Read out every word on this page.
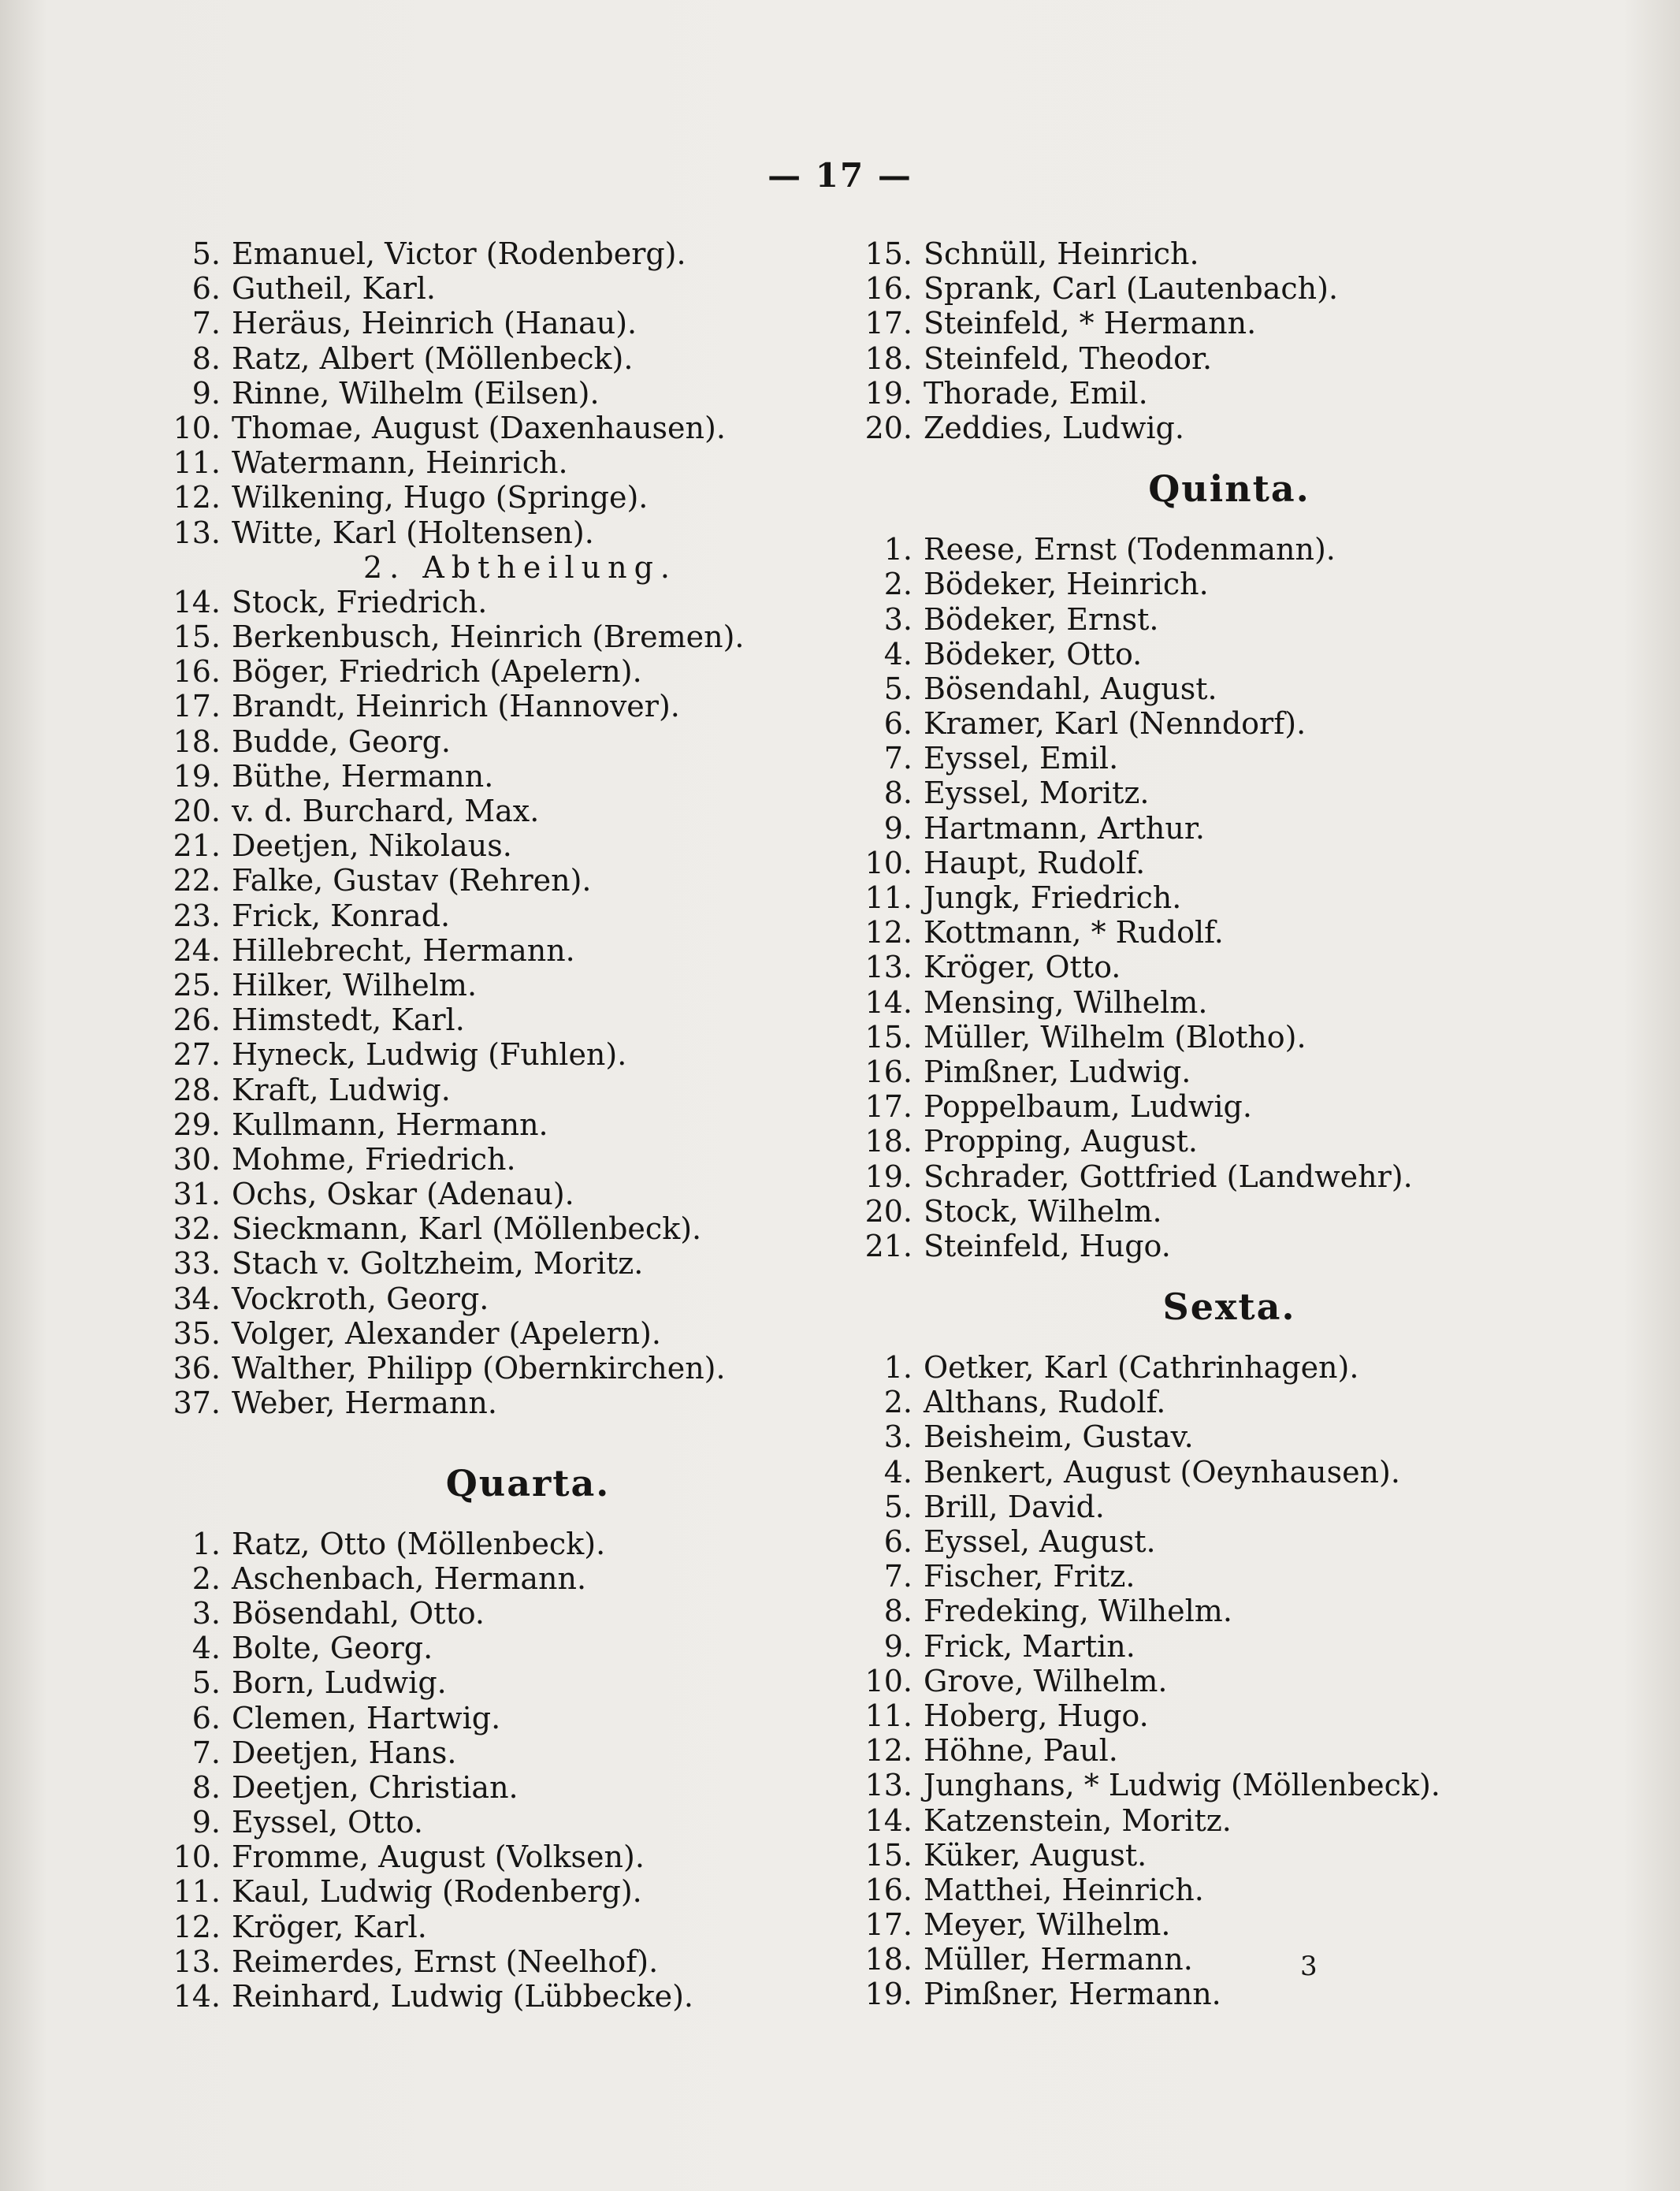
— 17 —
5. Emanuel, Victor (Rodenberg).
6. Gutheil, Karl.
7. Heräus, Heinrich (Hanau).
8. Ratz, Albert (Möllenbeck).
9. Rinne, Wilhelm (Eilsen).
10. Thomae, August (Daxenhausen).
11. Watermann, Heinrich.
12. Wilkening, Hugo (Springe).
13. Witte, Karl (Holtensen).
2. Abtheilung.
14. Stock, Friedrich.
15. Berkenbusch, Heinrich (Bremen).
16. Böger, Friedrich (Apelern).
17. Brandt, Heinrich (Hannover).
18. Budde, Georg.
19. Büthe, Hermann.
20. v. d. Burchard, Max.
21. Deetjen, Nikolaus.
22. Falke, Gustav (Rehren).
23. Frick, Konrad.
24. Hillebrecht, Hermann.
25. Hilker, Wilhelm.
26. Himstedt, Karl.
27. Hyneck, Ludwig (Fuhlen).
28. Kraft, Ludwig.
29. Kullmann, Hermann.
30. Mohme, Friedrich.
31. Ochs, Oskar (Adenau).
32. Sieckmann, Karl (Möllenbeck).
33. Stach v. Goltzheim, Moritz.
34. Vockroth, Georg.
35. Volger, Alexander (Apelern).
36. Walther, Philipp (Obernkirchen).
37. Weber, Hermann.
Quarta.
1. Ratz, Otto (Möllenbeck).
2. Aschenbach, Hermann.
3. Bösendahl, Otto.
4. Bolte, Georg.
5. Born, Ludwig.
6. Clemen, Hartwig.
7. Deetjen, Hans.
8. Deetjen, Christian.
9. Eyssel, Otto.
10. Fromme, August (Volksen).
11. Kaul, Ludwig (Rodenberg).
12. Kröger, Karl.
13. Reimerdes, Ernst (Neelhof).
14. Reinhard, Ludwig (Lübbecke).
15. Schnüll, Heinrich.
16. Sprank, Carl (Lautenbach).
17. Steinfeld, * Hermann.
18. Steinfeld, Theodor.
19. Thorade, Emil.
20. Zeddies, Ludwig.
Quinta.
1. Reese, Ernst (Todenmann).
2. Bödeker, Heinrich.
3. Bödeker, Ernst.
4. Bödeker, Otto.
5. Bösendahl, August.
6. Kramer, Karl (Nenndorf).
7. Eyssel, Emil.
8. Eyssel, Moritz.
9. Hartmann, Arthur.
10. Haupt, Rudolf.
11. Jungk, Friedrich.
12. Kottmann, * Rudolf.
13. Kröger, Otto.
14. Mensing, Wilhelm.
15. Müller, Wilhelm (Blotho).
16. Pimßner, Ludwig.
17. Poppelbaum, Ludwig.
18. Propping, August.
19. Schrader, Gottfried (Landwehr).
20. Stock, Wilhelm.
21. Steinfeld, Hugo.
Sexta.
1. Oetker, Karl (Cathrinhagen).
2. Althans, Rudolf.
3. Beisheim, Gustav.
4. Benkert, August (Oeynhausen).
5. Brill, David.
6. Eyssel, August.
7. Fischer, Fritz.
8. Fredeking, Wilhelm.
9. Frick, Martin.
10. Grove, Wilhelm.
11. Hoberg, Hugo.
12. Höhne, Paul.
13. Junghans, * Ludwig (Möllenbeck).
14. Katzenstein, Moritz.
15. Küker, August.
16. Matthei, Heinrich.
17. Meyer, Wilhelm.
18. Müller, Hermann.
19. Pimßner, Hermann.
3
